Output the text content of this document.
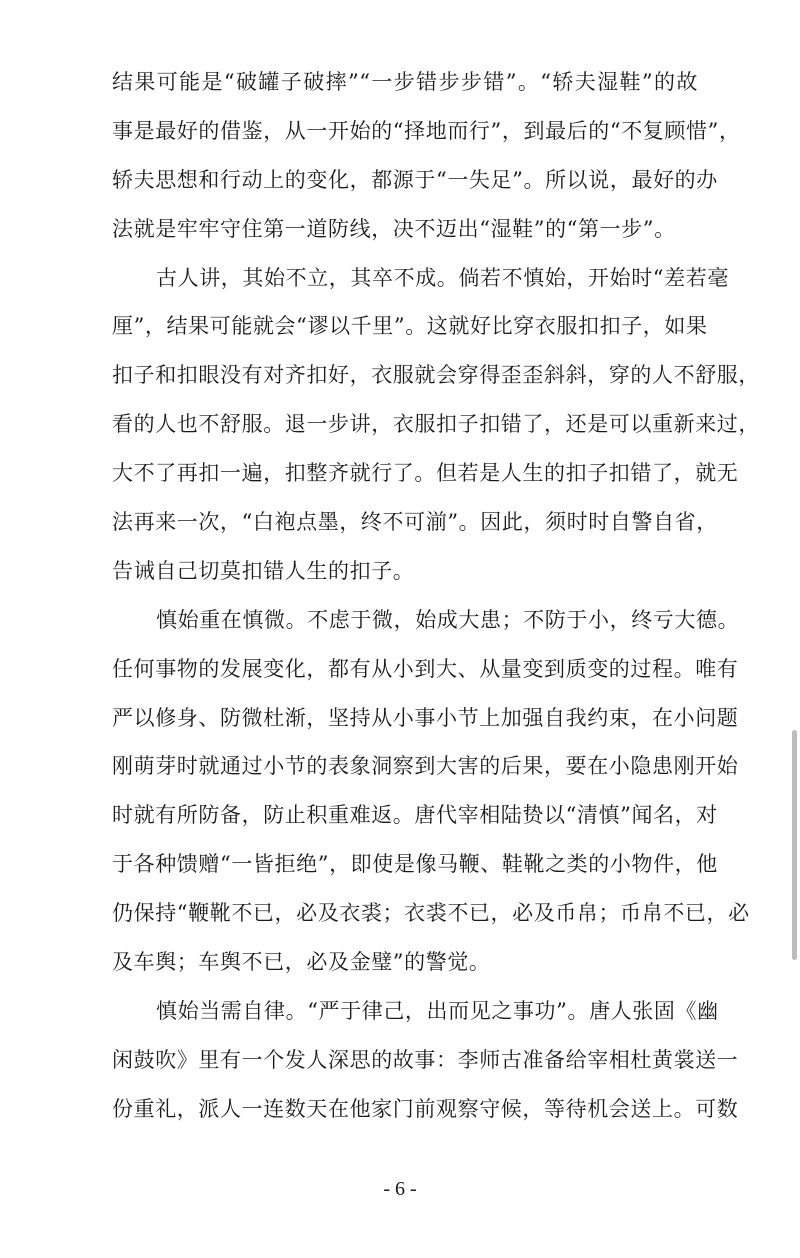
结果可能是“破罐子破摔”“一步错步步错”。“轿夫湿鞋”的故
事是最好的借鉴，从一开始的“择地而行”，到最后的“不复顾惜”，
轿夫思想和行动上的变化，都源于“一失足”。所以说，最好的办
法就是牢牢守住第一道防线，决不迈出“湿鞋”的“第一步”。
古人讲，其始不立，其卒不成。倘若不慎始，开始时“差若毫
厘”，结果可能就会“谬以千里”。这就好比穿衣服扣扣子，如果
扣子和扣眼没有对齐扣好，衣服就会穿得歪歪斜斜，穿的人不舒服，
看的人也不舒服。退一步讲，衣服扣子扣错了，还是可以重新来过，
大不了再扣一遍，扣整齐就行了。但若是人生的扣子扣错了，就无
法再来一次，“白袍点墨，终不可湔”。因此，须时时自警自省，
告诫自己切莫扣错人生的扣子。
慎始重在慎微。不虑于微，始成大患；不防于小，终亏大德。
任何事物的发展变化，都有从小到大、从量变到质变的过程。唯有
严以修身、防微杜渐，坚持从小事小节上加强自我约束，在小问题
刚萌芽时就通过小节的表象洞察到大害的后果，要在小隐患刚开始
时就有所防备，防止积重难返。唐代宰相陆贽以“清慎”闻名，对
于各种馈赠“一皆拒绝”，即使是像马鞭、鞋靴之类的小物件，他
仍保持“鞭靴不已，必及衣裘；衣裘不已，必及币帛；币帛不已，必
及车舆；车舆不已，必及金璧”的警觉。
慎始当需自律。“严于律己，出而见之事功”。唐人张固《幽
闲鼓吹》里有一个发人深思的故事：李师古准备给宰相杜黄裳送一
份重礼，派人一连数天在他家门前观察守候，等待机会送上。可数
- 6 -
